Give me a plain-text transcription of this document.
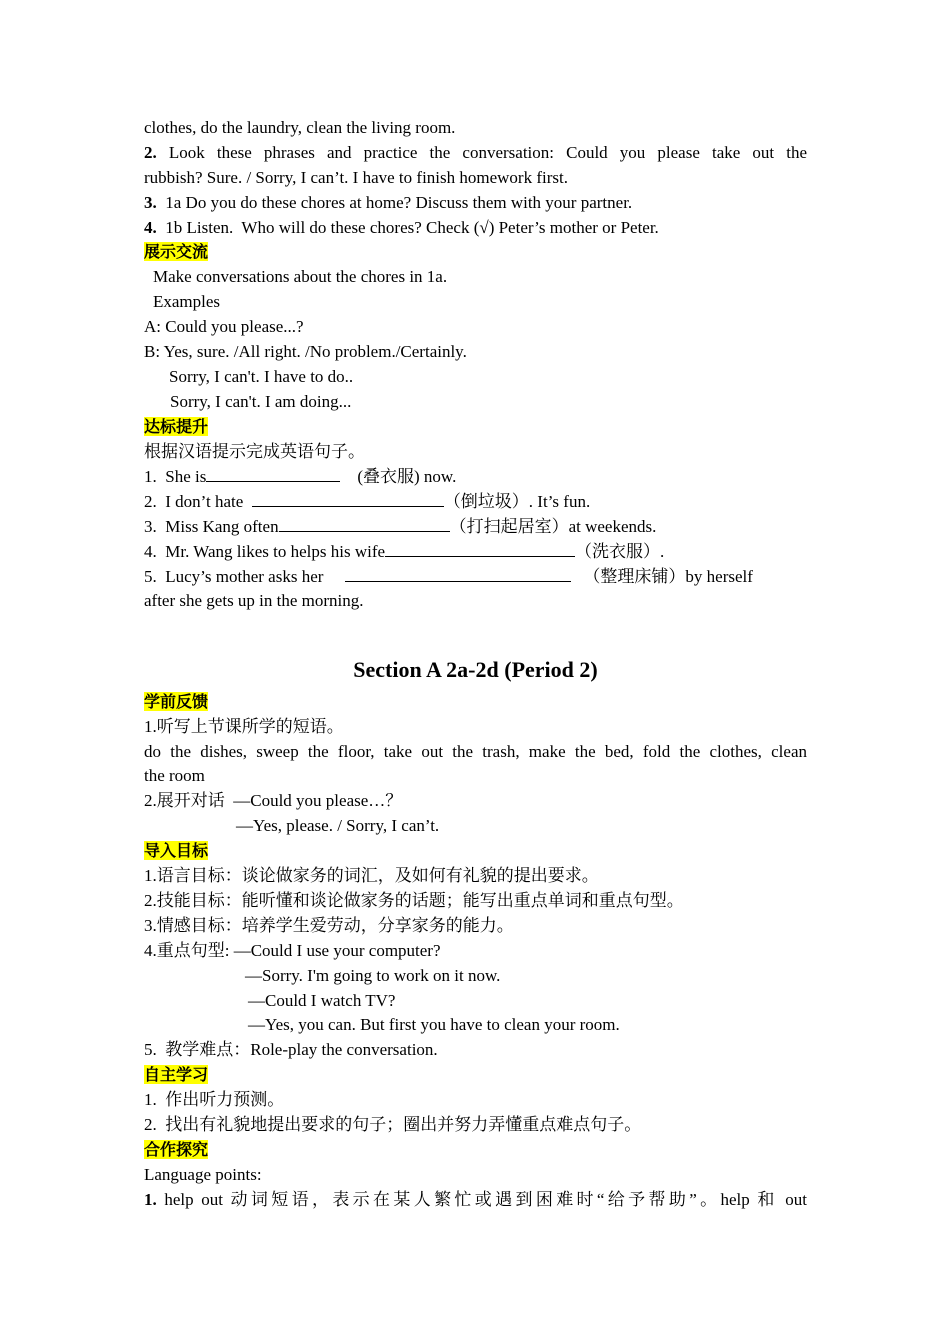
clothes, do the laundry, clean the living room.
2. Look these phrases and practice the conversation: Could you please take out the
rubbish? Sure. / Sorry, I can’t. I have to finish homework first.
3. 1a Do you do these chores at home? Discuss them with your partner.
4. 1b Listen.  Who will do these chores? Check (√) Peter’s mother or Peter.
展示交流
Make conversations about the chores in 1a.
Examples
A: Could you please...?
B: Yes, sure. /All right. /No problem./Certainly.
Sorry, I can't. I have to do..
Sorry, I can't. I am doing...
达标提升
根据汉语提示完成英语句子。
1.  She is	(叠衣服) now.
2.  I don’t hate	（倒垃圾）. It’s fun.
3.  Miss Kang often	（打扫起居室）at weekends.
4.  Mr. Wang likes to helps his wife	（洗衣服）.
5.  Lucy’s mother asks her	（整理床铺）by herself
after she gets up in the morning.
Section A 2a-2d (Period 2)
学前反馈
1.听写上节课所学的短语。
do the dishes, sweep the floor, take out the trash, make the bed, fold the clothes, clean
the room
2.展开对话  —Could you please…？
—Yes, please. / Sorry, I can’t.
导入目标
1.语言目标：谈论做家务的词汇，及如何有礼貌的提出要求。
2.技能目标：能听懂和谈论做家务的话题；能写出重点单词和重点句型。
3.情感目标：培养学生爱劳动，分享家务的能力。
4.重点句型: —Could I use your computer?
—Sorry. I'm going to work on it now.
—Could I watch TV?
—Yes, you can. But first you have to clean your room.
5.  教学难点：Role-play the conversation.
自主学习
1.  作出听力预测。
2.  找出有礼貌地提出要求的句子；圈出并努力弄懂重点难点句子。
合作探究
Language points:
1. help out 动词短语，表示在某人繁忙或遇到困难时“给予帮助”。help 和 out
